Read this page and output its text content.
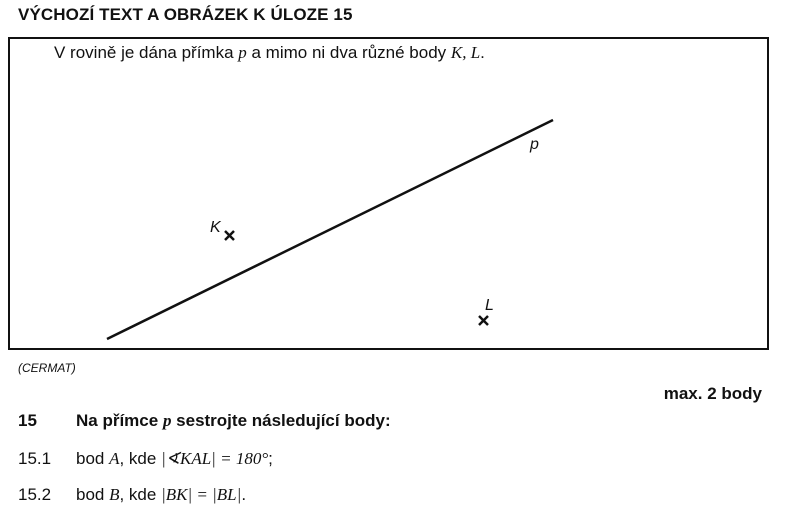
VÝCHOZÍ TEXT A OBRÁZEK K ÚLOZE 15
V rovině je dána přímka p a mimo ni dva různé body K, L.
p
K
L
(CERMAT)
max. 2 body
15 Na přímce p sestrojte následující body:
15.1 bod A, kde |∢KAL| = 180°;
15.2 bod B, kde |BK| = |BL|.
